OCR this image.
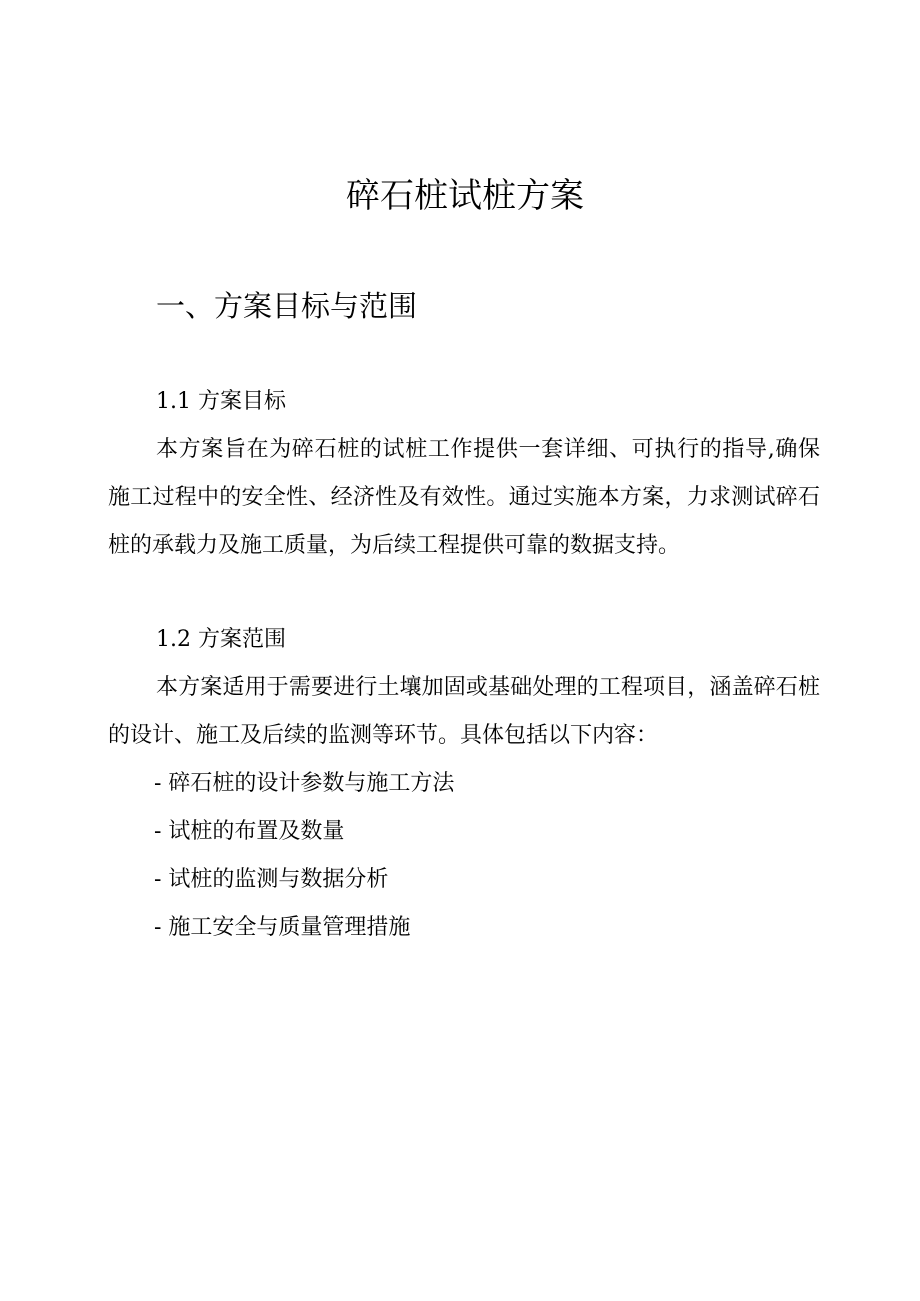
碎石桩试桩方案
一、方案目标与范围
1.1 方案目标

本方案旨在为碎石桩的试桩工作提供一套详细、可执行的指导,确保施工过程中的安全性、经济性及有效性。通过实施本方案，力求测试碎石桩的承载力及施工质量，为后续工程提供可靠的数据支持。

1.2 方案范围

本方案适用于需要进行土壤加固或基础处理的工程项目，涵盖碎石桩的设计、施工及后续的监测等环节。具体包括以下内容：

- 碎石桩的设计参数与施工方法
- 试桩的布置及数量
- 试桩的监测与数据分析
- 施工安全与质量管理措施
